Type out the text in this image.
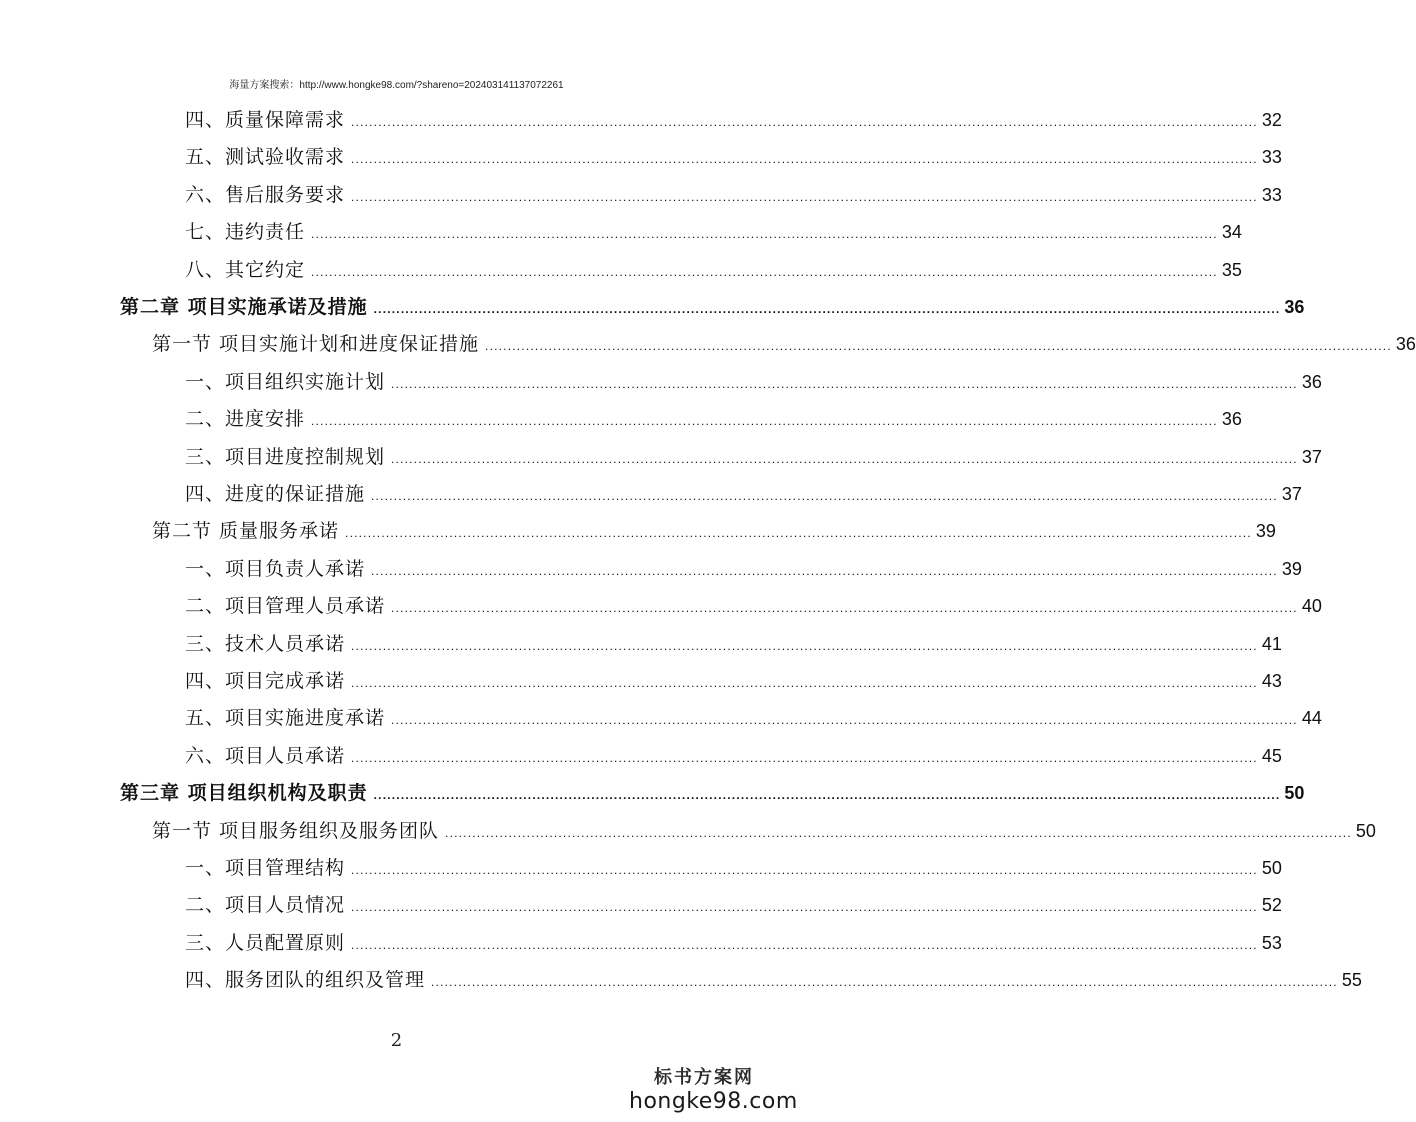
海量方案搜索：http://www.hongke98.com/?shareno=20240314113707226​1
四、质量保障需求 ........................................................................................................................................................................................................ 32
五、测试验收需求 ........................................................................................................................................................................................................ 33
六、售后服务要求 ........................................................................................................................................................................................................ 33
七、违约责任 ........................................................................................................................................................................................................ 34
八、其它约定 ........................................................................................................................................................................................................ 35
第二章 项目实施承诺及措施 ........................................................................................................................................................................................................ 36
第一节 项目实施计划和进度保证措施 ........................................................................................................................................................................................................ 36
一、项目组织实施计划 ........................................................................................................................................................................................................ 36
二、进度安排 ........................................................................................................................................................................................................ 36
三、项目进度控制规划 ........................................................................................................................................................................................................ 37
四、进度的保证措施 ........................................................................................................................................................................................................ 37
第二节 质量服务承诺 ........................................................................................................................................................................................................ 39
一、项目负责人承诺 ........................................................................................................................................................................................................ 39
二、项目管理人员承诺 ........................................................................................................................................................................................................ 40
三、技术人员承诺 ........................................................................................................................................................................................................ 41
四、项目完成承诺 ........................................................................................................................................................................................................ 43
五、项目实施进度承诺 ........................................................................................................................................................................................................ 44
六、项目人员承诺 ........................................................................................................................................................................................................ 45
第三章 项目组织机构及职责 ........................................................................................................................................................................................................ 50
第一节 项目服务组织及服务团队 ........................................................................................................................................................................................................ 50
一、项目管理结构 ........................................................................................................................................................................................................ 50
二、项目人员情况 ........................................................................................................................................................................................................ 52
三、人员配置原则 ........................................................................................................................................................................................................ 53
四、服务团队的组织及管理 ........................................................................................................................................................................................................ 55
2
标书方案网
hongke98.com
